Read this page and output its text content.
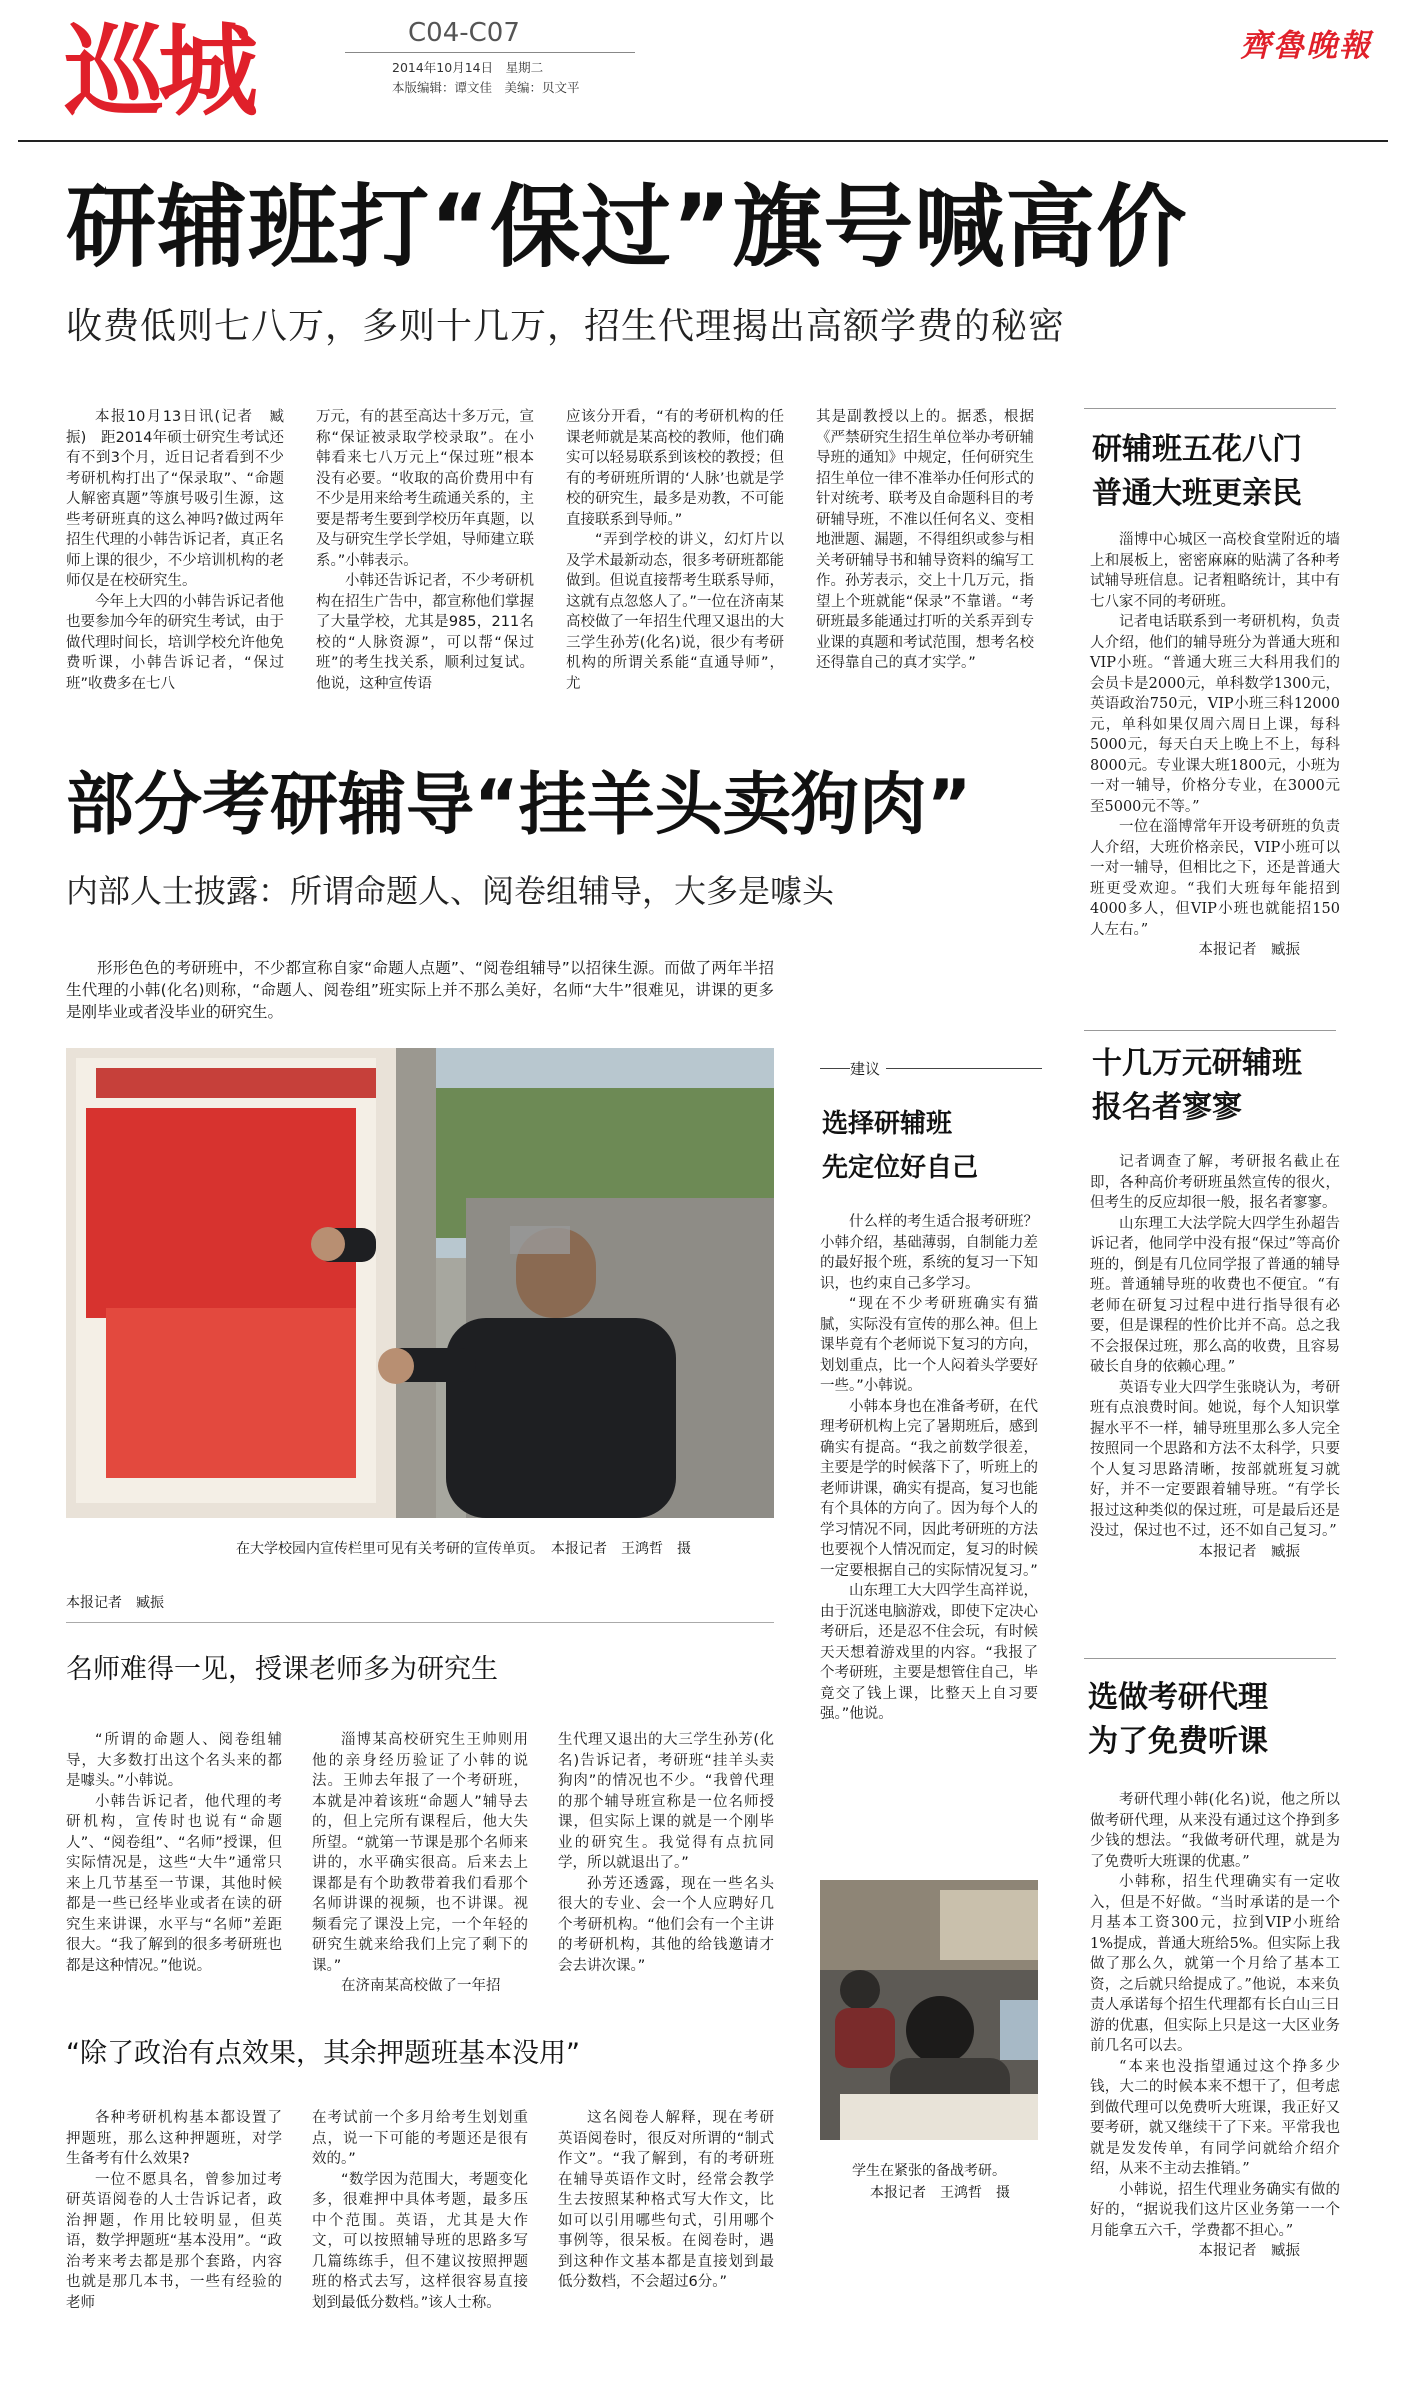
巡城	C04-C07
2014年10月14日　星期二
本版编辑：谭文佳　美编：贝文平
齊魯晚報
研辅班打“保过”旗号喊高价
收费低则七八万，多则十几万，招生代理揭出高额学费的秘密

本报10月13日讯(记者　臧振)　距2014年硕士研究生考试还有不到3个月，近日记者看到不少考研机构打出了“保录取”、“命题人解密真题”等旗号吸引生源，这些考研班真的这么神吗?做过两年招生代理的小韩告诉记者，真正名师上课的很少，不少培训机构的老师仅是在校研究生。

今年上大四的小韩告诉记者他也要参加今年的研究生考试，由于做代理时间长，培训学校允许他免费听课，小韩告诉记者，“保过班”收费多在七八

万元，有的甚至高达十多万元，宣称“保证被录取学校录取”。在小韩看来七八万元上“保过班”根本没有必要。“收取的高价费用中有不少是用来给考生疏通关系的，主要是帮考生要到学校历年真题，以及与研究生学长学姐，导师建立联系。”小韩表示。

小韩还告诉记者，不少考研机构在招生广告中，都宣称他们掌握了大量学校，尤其是985，211名校的“人脉资源”，可以帮“保过班”的考生找关系，顺利过复试。他说，这种宣传语

应该分开看，“有的考研机构的任课老师就是某高校的教师，他们确实可以轻易联系到该校的教授；但有的考研班所谓的‘人脉’也就是学校的研究生，最多是劝教，不可能直接联系到导师。”

“弄到学校的讲义，幻灯片以及学术最新动态，很多考研班都能做到。但说直接帮考生联系导师，这就有点忽悠人了。”一位在济南某高校做了一年招生代理又退出的大三学生孙芳(化名)说，很少有考研机构的所谓关系能“直通导师”，尤

其是副教授以上的。据悉，根据《严禁研究生招生单位举办考研辅导班的通知》中规定，任何研究生招生单位一律不准举办任何形式的针对统考、联考及自命题科目的考研辅导班，不准以任何名义、变相地泄题、漏题，不得组织或参与相关考研辅导书和辅导资料的编写工作。孙芳表示，交上十几万元，指望上个班就能“保录”不靠谱。“考研班最多能通过打听的关系弄到专业课的真题和考试范围，想考名校还得靠自己的真才实学。”

研辅班五花八门
普通大班更亲民

淄博中心城区一高校食堂附近的墙上和展板上，密密麻麻的贴满了各种考试辅导班信息。记者粗略统计，其中有七八家不同的考研班。

记者电话联系到一考研机构，负责人介绍，他们的辅导班分为普通大班和VIP小班。“普通大班三大科用我们的会员卡是2000元，单科数学1300元，英语政治750元，VIP小班三科12000元，单科如果仅周六周日上课，每科5000元，每天白天上晚上不上，每科8000元。专业课大班1800元，小班为一对一辅导，价格分专业，在3000元至5000元不等。”

一位在淄博常年开设考研班的负责人介绍，大班价格亲民，VIP小班可以一对一辅导，但相比之下，还是普通大班更受欢迎。“我们大班每年能招到4000多人，但VIP小班也就能招150人左右。”

本报记者　臧振
十几万元研辅班
报名者寥寥

记者调查了解，考研报名截止在即，各种高价考研班虽然宣传的很火，但考生的反应却很一般，报名者寥寥。

山东理工大法学院大四学生孙超告诉记者，他同学中没有报“保过”等高价班的，倒是有几位同学报了普通的辅导班。普通辅导班的收费也不便宜。“有老师在研复习过程中进行指导很有必要，但是课程的性价比并不高。总之我不会报保过班，那么高的收费，且容易破长自身的依赖心理。”

英语专业大四学生张晓认为，考研班有点浪费时间。她说，每个人知识掌握水平不一样，辅导班里那么多人完全按照同一个思路和方法不太科学，只要个人复习思路清晰，按部就班复习就好，并不一定要跟着辅导班。“有学长报过这种类似的保过班，可是最后还是没过，保过也不过，还不如自己复习。”

本报记者　臧振
选做考研代理
为了免费听课

考研代理小韩(化名)说，他之所以做考研代理，从来没有通过这个挣到多少钱的想法。“我做考研代理，就是为了免费听大班课的优惠。”

小韩称，招生代理确实有一定收入，但是不好做。“当时承诺的是一个月基本工资300元，拉到VIP小班给1%提成，普通大班给5%。但实际上我做了那么久，就第一个月给了基本工资，之后就只给提成了。”他说，本来负责人承诺每个招生代理都有长白山三日游的优惠，但实际上只是这一大区业务前几名可以去。

“本来也没指望通过这个挣多少钱，大二的时候本来不想干了，但考虑到做代理可以免费听大班课，我正好又要考研，就又继续干了下来。平常我也就是发发传单，有同学问就给介绍介绍，从来不主动去推销。”

小韩说，招生代理业务确实有做的好的，“据说我们这片区业务第一一个月能拿五六千，学费都不担心。”

本报记者　臧振
部分考研辅导“挂羊头卖狗肉”
内部人士披露：所谓命题人、阅卷组辅导，大多是噱头

形形色色的考研班中，不少都宣称自家“命题人点题”、“阅卷组辅导”以招徕生源。而做了两年半招生代理的小韩(化名)则称，“命题人、阅卷组”班实际上并不那么美好，名师“大牛”很难见，讲课的更多是刚毕业或者没毕业的研究生。

在大学校园内宣传栏里可见有关考研的宣传单页。　本报记者　王鸿哲　摄
本报记者　臧振
名师难得一见，授课老师多为研究生

“所谓的命题人、阅卷组辅导，大多数打出这个名头来的都是噱头。”小韩说。

小韩告诉记者，他代理的考研机构，宣传时也说有“命题人”、“阅卷组”、“名师”授课，但实际情况是，这些“大牛”通常只来上几节基至一节课，其他时候都是一些已经毕业或者在读的研究生来讲课，水平与“名师”差距很大。“我了解到的很多考研班也都是这种情况。”他说。

淄博某高校研究生王帅则用他的亲身经历验证了小韩的说法。王帅去年报了一个考研班，本就是冲着该班“命题人”辅导去的，但上完所有课程后，他大失所望。“就第一节课是那个名师来讲的，水平确实很高。后来去上课都是有个助教带着我们看那个名师讲课的视频，也不讲课。视频看完了课没上完，一个年轻的研究生就来给我们上完了剩下的课。”

在济南某高校做了一年招

生代理又退出的大三学生孙芳(化名)告诉记者，考研班“挂羊头卖狗肉”的情况也不少。“我曾代理的那个辅导班宣称是一位名师授课，但实际上课的就是一个刚毕业的研究生。我觉得有点抗同学，所以就退出了。”

孙芳还透露，现在一些名头很大的专业、会一个人应聘好几个考研机构。“他们会有一个主讲的考研机构，其他的给钱邀请才会去讲次课。”

“除了政治有点效果，其余押题班基本没用”

各种考研机构基本都设置了押题班，那么这种押题班，对学生备考有什么效果?

一位不愿具名，曾参加过考研英语阅卷的人士告诉记者，政治押题，作用比较明显，但英语，数学押题班“基本没用”。“政治考来考去都是那个套路，内容也就是那几本书，一些有经验的老师

在考试前一个多月给考生划划重点，说一下可能的考题还是很有效的。”

“数学因为范围大，考题变化多，很难押中具体考题，最多压中个范围。英语，尤其是大作文，可以按照辅导班的思路多写几篇练练手，但不建议按照押题班的格式去写，这样很容易直接划到最低分数档。”该人士称。

这名阅卷人解释，现在考研英语阅卷时，很反对所谓的“制式作文”。“我了解到，有的考研班在辅导英语作文时，经常会教学生去按照某种格式写大作文，比如可以引用哪些句式，引用哪个事例等，很呆板。在阅卷时，遇到这种作文基本都是直接划到最低分数档，不会超过6分。”

建议
选择研辅班
先定位好自己

什么样的考生适合报考研班？小韩介绍，基础薄弱，自制能力差的最好报个班，系统的复习一下知识，也约束自己多学习。

“现在不少考研班确实有猫腻，实际没有宣传的那么神。但上课毕竟有个老师说下复习的方向，划划重点，比一个人闷着头学要好一些。”小韩说。

小韩本身也在准备考研，在代理考研机构上完了暑期班后，感到确实有提高。“我之前数学很差，主要是学的时候落下了，听班上的老师讲课，确实有提高，复习也能有个具体的方向了。因为每个人的学习情况不同，因此考研班的方法也要视个人情况而定，复习的时候一定要根据自己的实际情况复习。”

山东理工大大四学生高祥说，由于沉迷电脑游戏，即使下定决心考研后，还是忍不住会玩，有时候天天想着游戏里的内容。“我报了个考研班，主要是想管住自己，毕竟交了钱上课，比整天上自习要强。”他说。

学生在紧张的备战考研。
本报记者　王鸿哲　摄
